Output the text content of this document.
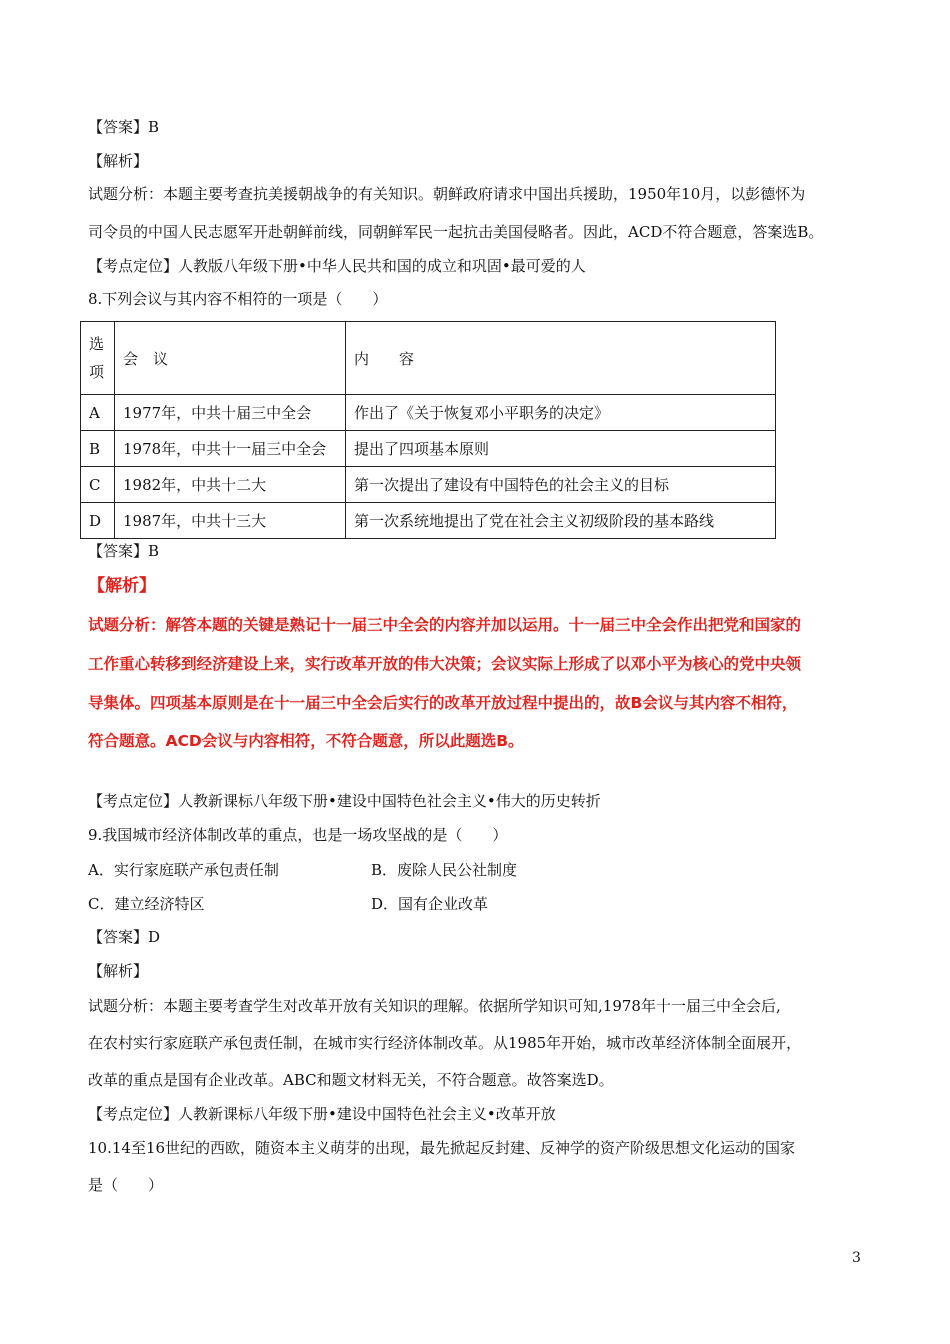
【答案】B
【解析】
试题分析：本题主要考查抗美援朝战争的有关知识。朝鲜政府请求中国出兵援助，1950年10月，以彭德怀为
司令员的中国人民志愿军开赴朝鲜前线，同朝鲜军民一起抗击美国侵略者。因此，ACD不符合题意，答案选B。
【考点定位】人教版八年级下册•中华人民共和国的成立和巩固•最可爱的人
8.下列会议与其内容不相符的一项是（　　）
选
项	会　议	内　　容
A	1977年，中共十届三中全会	作出了《关于恢复邓小平职务的决定》
B	1978年，中共十一届三中全会	提出了四项基本原则
C	1982年，中共十二大	第一次提出了建设有中国特色的社会主义的目标
D	1987年，中共十三大	第一次系统地提出了党在社会主义初级阶段的基本路线
【答案】B
【解析】
试题分析：解答本题的关键是熟记十一届三中全会的内容并加以运用。十一届三中全会作出把党和国家的
工作重心转移到经济建设上来，实行改革开放的伟大决策；会议实际上形成了以邓小平为核心的党中央领
导集体。四项基本原则是在十一届三中全会后实行的改革开放过程中提出的，故B会议与其内容不相符，
符合题意。ACD会议与内容相符，不符合题意，所以此题选B。
【考点定位】人教新课标八年级下册•建设中国特色社会主义•伟大的历史转折
9.我国城市经济体制改革的重点，也是一场攻坚战的是（　　）
A．实行家庭联产承包责任制	B．废除人民公社制度
C．建立经济特区	D．国有企业改革
【答案】D
【解析】
试题分析：本题主要考查学生对改革开放有关知识的理解。依据所学知识可知,1978年十一届三中全会后,
在农村实行家庭联产承包责任制，在城市实行经济体制改革。从1985年开始，城市改革经济体制全面展开，
改革的重点是国有企业改革。ABC和题文材料无关，不符合题意。故答案选D。
【考点定位】人教新课标八年级下册•建设中国特色社会主义•改革开放
10.14至16世纪的西欧，随资本主义萌芽的出现，最先掀起反封建、反神学的资产阶级思想文化运动的国家
是（　　）
3
